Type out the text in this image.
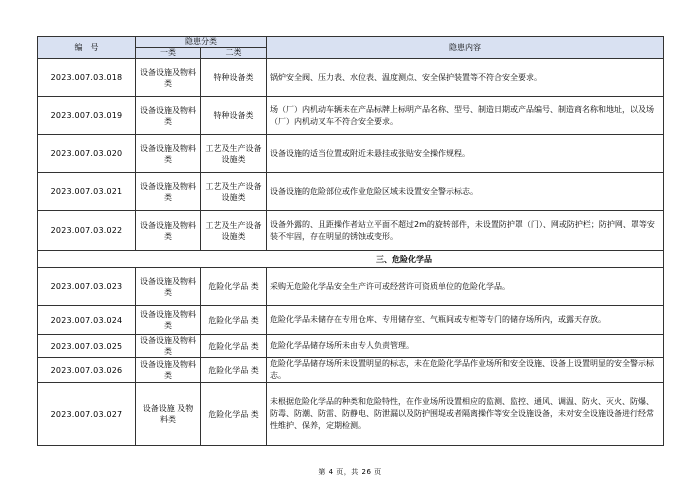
编　号	隐患分类		隐患内容
	一类	二类	
2023.007.03.018	设备设施及物料类	特种设备类	锅炉安全阀、压力表、水位表、温度测点、安全保护装置等不符合安全要求。
2023.007.03.019	设备设施及物料类	特种设备类	场（厂）内机动车辆未在产品标牌上标明产品名称、型号、制造日期或产品编号、制造商名称和地址，以及场（厂）内机动叉车不符合安全要求。
2023.007.03.020	设备设施及物料类	工艺及生产设备设施类	设备设施的适当位置或附近未悬挂或张贴安全操作规程。
2023.007.03.021	设备设施及物料类	工艺及生产设备设施类	设备设施的危险部位或作业危险区域未设置安全警示标志。
2023.007.03.022	设备设施及物料类	工艺及生产设备设施类	设备外露的、且距操作者站立平面不超过2m的旋转部件，未设置防护罩（门）、网或防护栏；防护网、罩等安装不牢固，存在明显的锈蚀或变形。
三、危险化学品			
2023.007.03.023	设备设施及物料类	危险化学品 类	采购无危险化学品安全生产许可或经营许可资质单位的危险化学品。
2023.007.03.024	设备设施及物料类	危险化学品 类	危险化学品未储存在专用仓库、专用储存室、气瓶间或专柜等专门的储存场所内，或露天存放。
2023.007.03.025	设备设施及物料类	危险化学品 类	危险化学品储存场所未由专人负责管理。
2023.007.03.026	设备设施及物料类	危险化学品 类	危险化学品储存场所未设置明显的标志，未在危险化学品作业场所和安全设施、设备上设置明显的安全警示标志。
2023.007.03.027	设备设施 及物料类	危险化学品 类	未根据危险化学品的种类和危险特性，在作业场所设置相应的监测、监控、通风、调温、防火、灭火、防爆、防毒、防潮、防雷、防静电、防泄漏以及防护围堤或者隔离操作等安全设施设备，未对安全设施设备进行经常性维护、保养，定期检测。
第 4 页，共 26 页
